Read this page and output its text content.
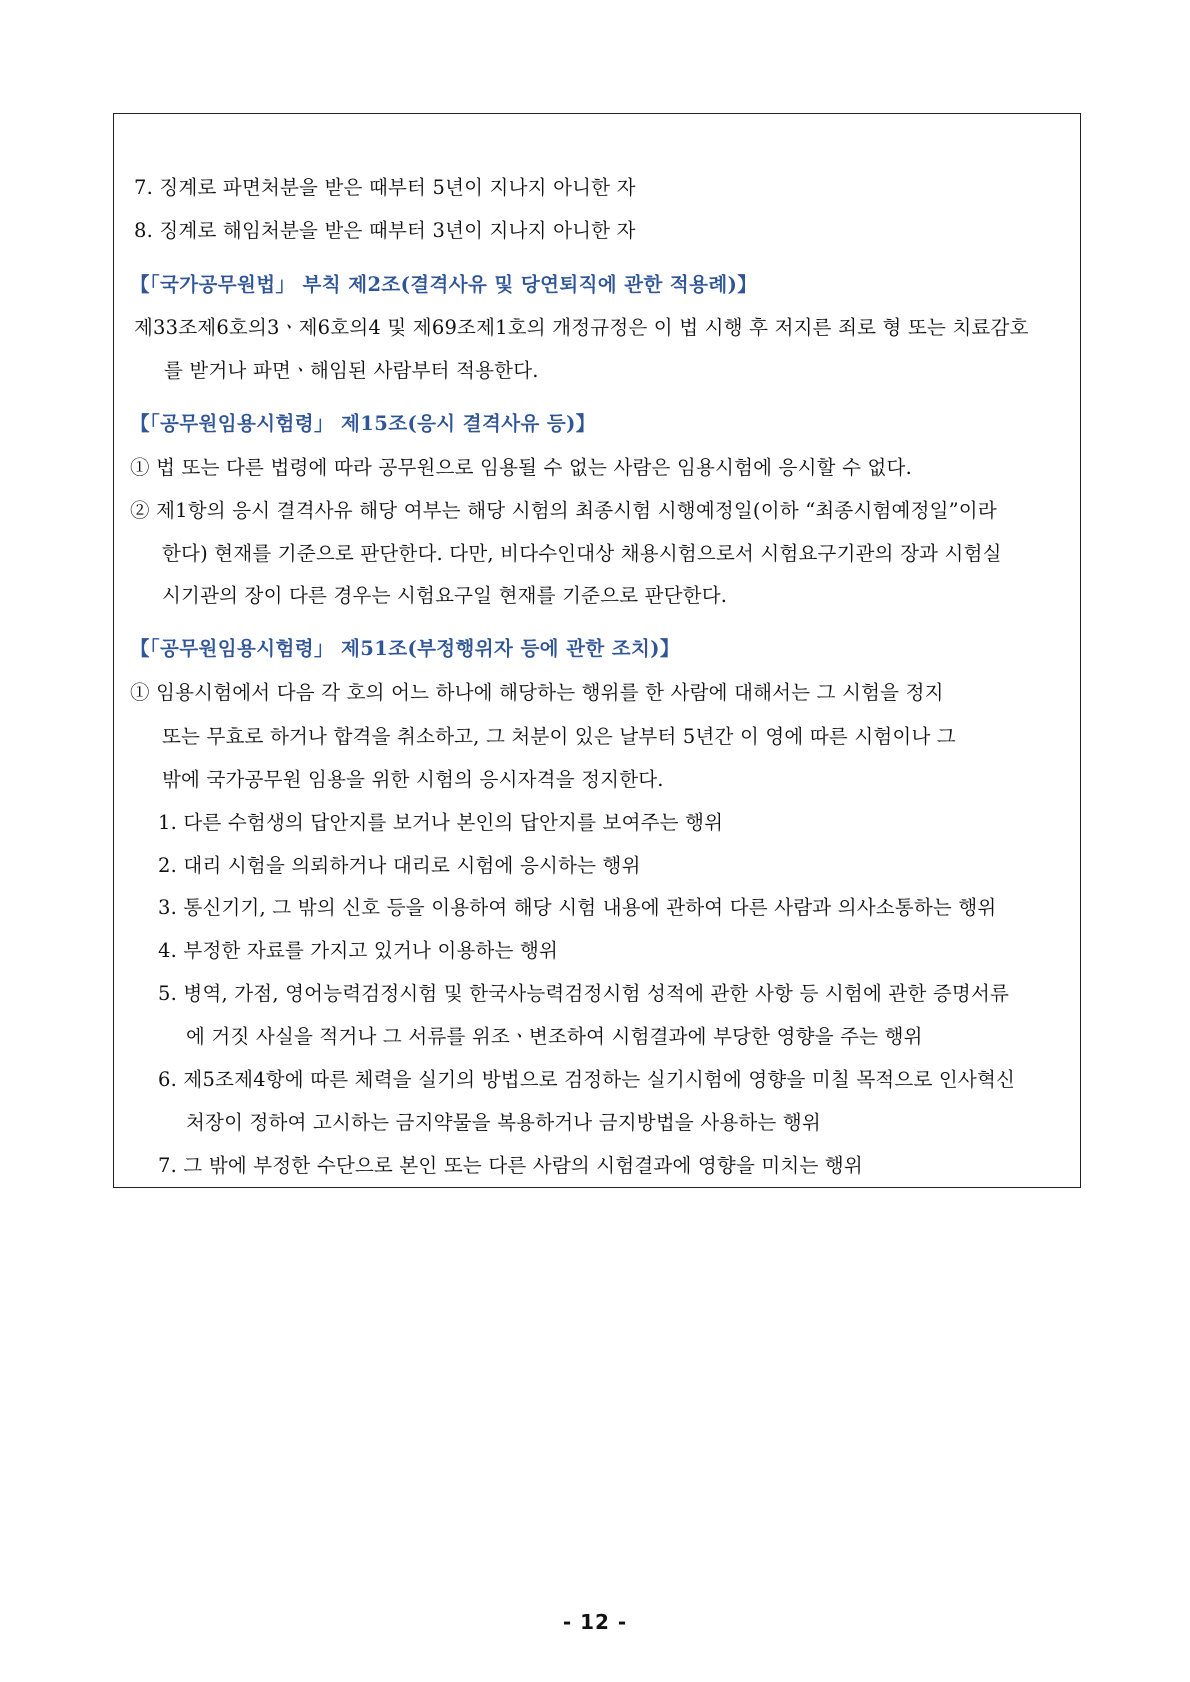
7. 징계로 파면처분을 받은 때부터 5년이 지나지 아니한 자
8. 징계로 해임처분을 받은 때부터 3년이 지나지 아니한 자
【「국가공무원법」 부칙 제2조(결격사유 및 당연퇴직에 관한 적용례)】
제33조제6호의3ㆍ제6호의4 및 제69조제1호의 개정규정은 이 법 시행 후 저지른 죄로 형 또는 치료감호
를 받거나 파면ㆍ해임된 사람부터 적용한다.
【「공무원임용시험령」 제15조(응시 결격사유 등)】
① 법 또는 다른 법령에 따라 공무원으로 임용될 수 없는 사람은 임용시험에 응시할 수 없다.
② 제1항의 응시 결격사유 해당 여부는 해당 시험의 최종시험 시행예정일(이하 “최종시험예정일”이라
한다) 현재를 기준으로 판단한다. 다만, 비다수인대상 채용시험으로서 시험요구기관의 장과 시험실
시기관의 장이 다른 경우는 시험요구일 현재를 기준으로 판단한다.
【「공무원임용시험령」 제51조(부정행위자 등에 관한 조치)】
① 임용시험에서 다음 각 호의 어느 하나에 해당하는 행위를 한 사람에 대해서는 그 시험을 정지
또는 무효로 하거나 합격을 취소하고, 그 처분이 있은 날부터 5년간 이 영에 따른 시험이나 그
밖에 국가공무원 임용을 위한 시험의 응시자격을 정지한다.
1. 다른 수험생의 답안지를 보거나 본인의 답안지를 보여주는 행위
2. 대리 시험을 의뢰하거나 대리로 시험에 응시하는 행위
3. 통신기기, 그 밖의 신호 등을 이용하여 해당 시험 내용에 관하여 다른 사람과 의사소통하는 행위
4. 부정한 자료를 가지고 있거나 이용하는 행위
5. 병역, 가점, 영어능력검정시험 및 한국사능력검정시험 성적에 관한 사항 등 시험에 관한 증명서류
에 거짓 사실을 적거나 그 서류를 위조ㆍ변조하여 시험결과에 부당한 영향을 주는 행위
6. 제5조제4항에 따른 체력을 실기의 방법으로 검정하는 실기시험에 영향을 미칠 목적으로 인사혁신
처장이 정하여 고시하는 금지약물을 복용하거나 금지방법을 사용하는 행위
7. 그 밖에 부정한 수단으로 본인 또는 다른 사람의 시험결과에 영향을 미치는 행위
- 12 -
